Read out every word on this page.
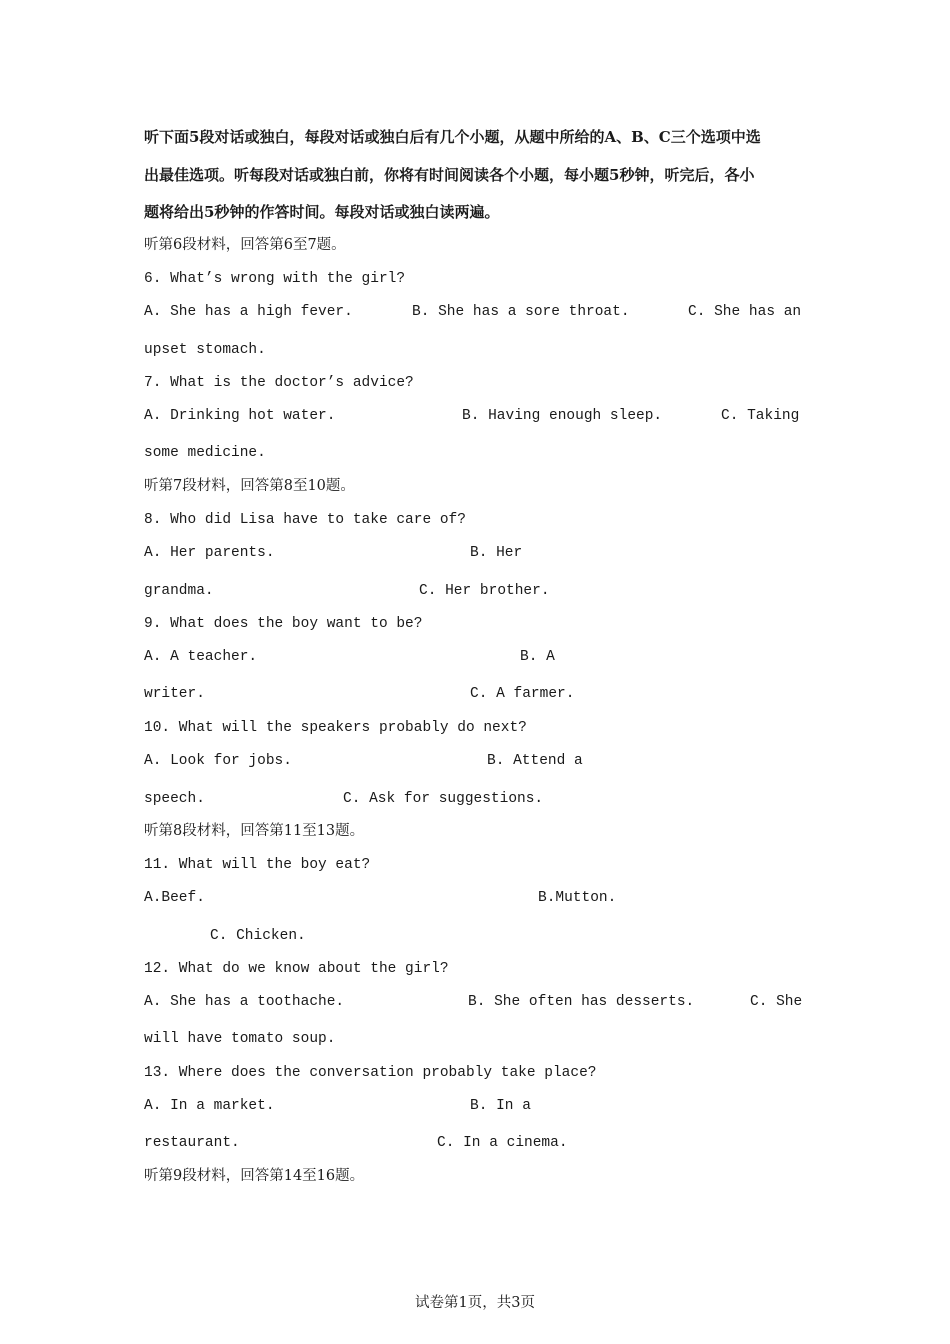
听下面5段对话或独白，每段对话或独白后有几个小题，从题中所给的A、B、C三个选项中选
出最佳选项。听每段对话或独白前，你将有时间阅读各个小题，每小题5秒钟，听完后，各小
题将给出5秒钟的作答时间。每段对话或独白读两遍。
听第6段材料，回答第6至7题。
6. What’s wrong with the girl?
A. She has a high fever.	B. She has a sore throat.	C. She has an
upset stomach.
7. What is the doctor’s advice?
A. Drinking hot water.	B. Having enough sleep.	C. Taking
some medicine.
听第7段材料，回答第8至10题。
8. Who did Lisa have to take care of?
A. Her parents.	B. Her
grandma.	C. Her brother.
9. What does the boy want to be?
A. A teacher.	B. A
writer.	C. A farmer.
10. What will the speakers probably do next?
A. Look for jobs.	B. Attend a
speech.	C. Ask for suggestions.
听第8段材料，回答第11至13题。
11. What will the boy eat?
A.Beef.	B.Mutton.
C. Chicken.
12. What do we know about the girl?
A. She has a toothache.	B. She often has desserts.	C. She
will have tomato soup.
13. Where does the conversation probably take place?
A. In a market.	B. In a
restaurant.	C. In a cinema.
听第9段材料，回答第14至16题。
试卷第1页，共3页
